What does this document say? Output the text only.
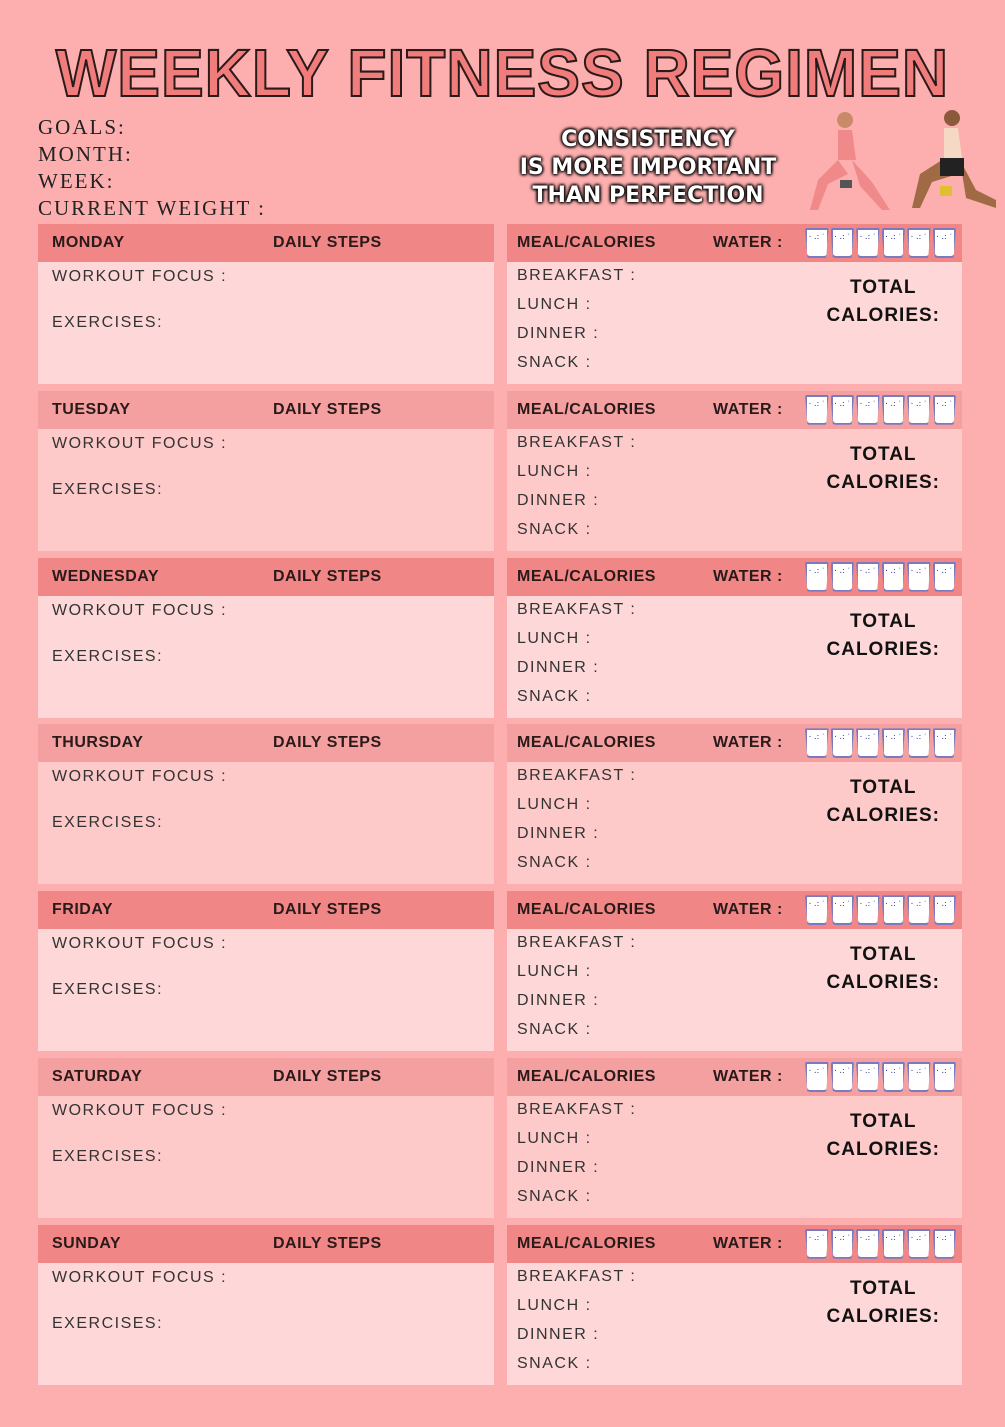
WEEKLY FITNESS REGIMEN
GOALS:
MONTH:
WEEK:
CURRENT WEIGHT :
CONSISTENCY
IS MORE IMPORTANT
THAN PERFECTION
MONDAY	DAILY STEPS
WORKOUT FOCUS :
EXERCISES:
MEAL/CALORIES	WATER :
· .: ˙
· .: ˙
· .: ˙
· .: ˙
· .: ˙
· .: ˙
BREAKFAST :
LUNCH :
DINNER :
SNACK :
TOTAL
CALORIES:
TUESDAY	DAILY STEPS
WORKOUT FOCUS :
EXERCISES:
MEAL/CALORIES	WATER :
· .: ˙
· .: ˙
· .: ˙
· .: ˙
· .: ˙
· .: ˙
BREAKFAST :
LUNCH :
DINNER :
SNACK :
TOTAL
CALORIES:
WEDNESDAY	DAILY STEPS
WORKOUT FOCUS :
EXERCISES:
MEAL/CALORIES	WATER :
· .: ˙
· .: ˙
· .: ˙
· .: ˙
· .: ˙
· .: ˙
BREAKFAST :
LUNCH :
DINNER :
SNACK :
TOTAL
CALORIES:
THURSDAY	DAILY STEPS
WORKOUT FOCUS :
EXERCISES:
MEAL/CALORIES	WATER :
· .: ˙
· .: ˙
· .: ˙
· .: ˙
· .: ˙
· .: ˙
BREAKFAST :
LUNCH :
DINNER :
SNACK :
TOTAL
CALORIES:
FRIDAY	DAILY STEPS
WORKOUT FOCUS :
EXERCISES:
MEAL/CALORIES	WATER :
· .: ˙
· .: ˙
· .: ˙
· .: ˙
· .: ˙
· .: ˙
BREAKFAST :
LUNCH :
DINNER :
SNACK :
TOTAL
CALORIES:
SATURDAY	DAILY STEPS
WORKOUT FOCUS :
EXERCISES:
MEAL/CALORIES	WATER :
· .: ˙
· .: ˙
· .: ˙
· .: ˙
· .: ˙
· .: ˙
BREAKFAST :
LUNCH :
DINNER :
SNACK :
TOTAL
CALORIES:
SUNDAY	DAILY STEPS
WORKOUT FOCUS :
EXERCISES:
MEAL/CALORIES	WATER :
· .: ˙
· .: ˙
· .: ˙
· .: ˙
· .: ˙
· .: ˙
BREAKFAST :
LUNCH :
DINNER :
SNACK :
TOTAL
CALORIES:
